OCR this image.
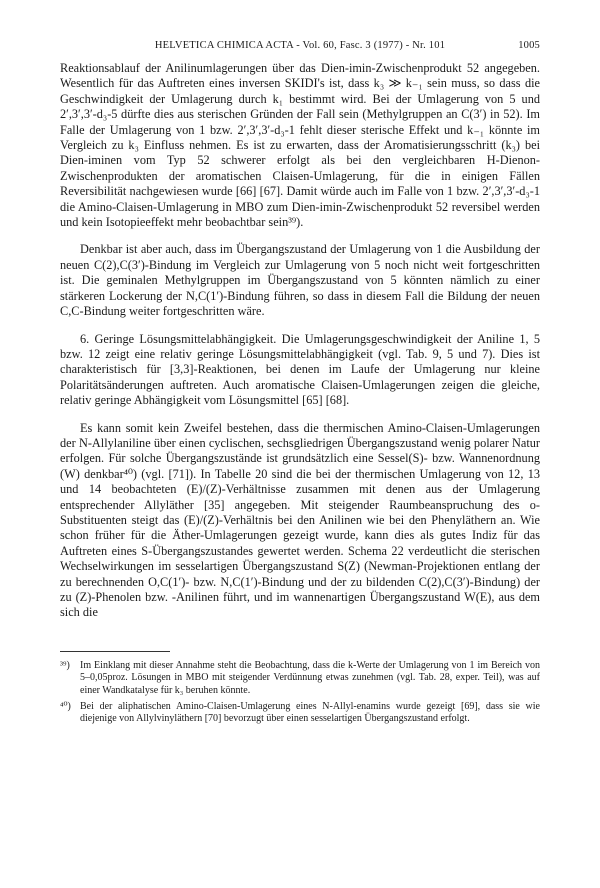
HELVETICA CHIMICA ACTA - Vol. 60, Fasc. 3 (1977) - Nr. 101	1005

Reaktionsablauf der Anilinumlagerungen über das Dien-imin-Zwischenprodukt 52 angegeben. Wesentlich für das Auftreten eines inversen SKIDI's ist, dass k₃ ≫ k₋₁ sein muss, so dass die Geschwindigkeit der Umlagerung durch k₁ bestimmt wird. Bei der Umlagerung von 5 und 2′,3′,3′-d₃-5 dürfte dies aus sterischen Gründen der Fall sein (Methylgruppen an C(3′) in 52). Im Falle der Umlagerung von 1 bzw. 2′,3′,3′-d₃-1 fehlt dieser sterische Effekt und k₋₁ könnte im Vergleich zu k₃ Einfluss nehmen. Es ist zu erwarten, dass der Aromatisierungsschritt (k₃) bei Dien-iminen vom Typ 52 schwerer erfolgt als bei den vergleichbaren H-Dienon-Zwischenprodukten der aromatischen Claisen-Umlagerung, für die in einigen Fällen Reversibilität nachgewiesen wurde [66] [67]. Damit würde auch im Falle von 1 bzw. 2′,3′,3′-d₃-1 die Amino-Claisen-Umlagerung in MBO zum Dien-imin-Zwischenprodukt 52 reversibel werden und kein Isotopieeffekt mehr beobachtbar sein³⁹).

Denkbar ist aber auch, dass im Übergangszustand der Umlagerung von 1 die Ausbildung der neuen C(2),C(3′)-Bindung im Vergleich zur Umlagerung von 5 noch nicht weit fortgeschritten ist. Die geminalen Methylgruppen im Übergangszustand von 5 könnten nämlich zu einer stärkeren Lockerung der N,C(1′)-Bindung führen, so dass in diesem Fall die Bildung der neuen C,C-Bindung weiter fortgeschritten wäre.

6. Geringe Lösungsmittelabhängigkeit. Die Umlagerungsgeschwindigkeit der Aniline 1, 5 bzw. 12 zeigt eine relativ geringe Lösungsmittelabhängigkeit (vgl. Tab. 9, 5 und 7). Dies ist charakteristisch für [3,3]-Reaktionen, bei denen im Laufe der Umlagerung nur kleine Polaritätsänderungen auftreten. Auch aromatische Claisen-Umlagerungen zeigen die gleiche, relativ geringe Abhängigkeit vom Lösungsmittel [65] [68].

Es kann somit kein Zweifel bestehen, dass die thermischen Amino-Claisen-Umlagerungen der N-Allylaniline über einen cyclischen, sechsgliedrigen Übergangszustand wenig polarer Natur erfolgen. Für solche Übergangszustände ist grundsätzlich eine Sessel(S)- bzw. Wannenordnung (W) denkbar⁴⁰) (vgl. [71]). In Tabelle 20 sind die bei der thermischen Umlagerung von 12, 13 und 14 beobachteten (E)/(Z)-Verhältnisse zusammen mit denen aus der Umlagerung entsprechender Allyläther [35] angegeben. Mit steigender Raumbeanspruchung des o-Substituenten steigt das (E)/(Z)-Verhältnis bei den Anilinen wie bei den Phenyläthern an. Wie schon früher für die Äther-Umlagerungen gezeigt wurde, kann dies als gutes Indiz für das Auftreten eines S-Übergangszustandes gewertet werden. Schema 22 verdeutlicht die sterischen Wechselwirkungen im sesselartigen Übergangszustand S(Z) (Newman-Projektionen entlang der zu berechnenden O,C(1′)- bzw. N,C(1′)-Bindung und der zu bildenden C(2),C(3′)-Bindung) der zu (Z)-Phenolen bzw. -Anilinen führt, und im wannenartigen Übergangszustand W(E), aus dem sich die

³⁹)	Im Einklang mit dieser Annahme steht die Beobachtung, dass die k-Werte der Umlagerung von 1 im Bereich von 5–0,05proz. Lösungen in MBO mit steigender Verdünnung etwas zunehmen (vgl. Tab. 28, exper. Teil), was auf einer Wandkatalyse für k₃ beruhen könnte.
⁴⁰) Bei der aliphatischen Amino-Claisen-Umlagerung eines N-Allyl-enamins wurde gezeigt [69], dass sie wie diejenige von Allylvinyläthern [70] bevorzugt über einen sesselartigen Übergangszustand erfolgt.
